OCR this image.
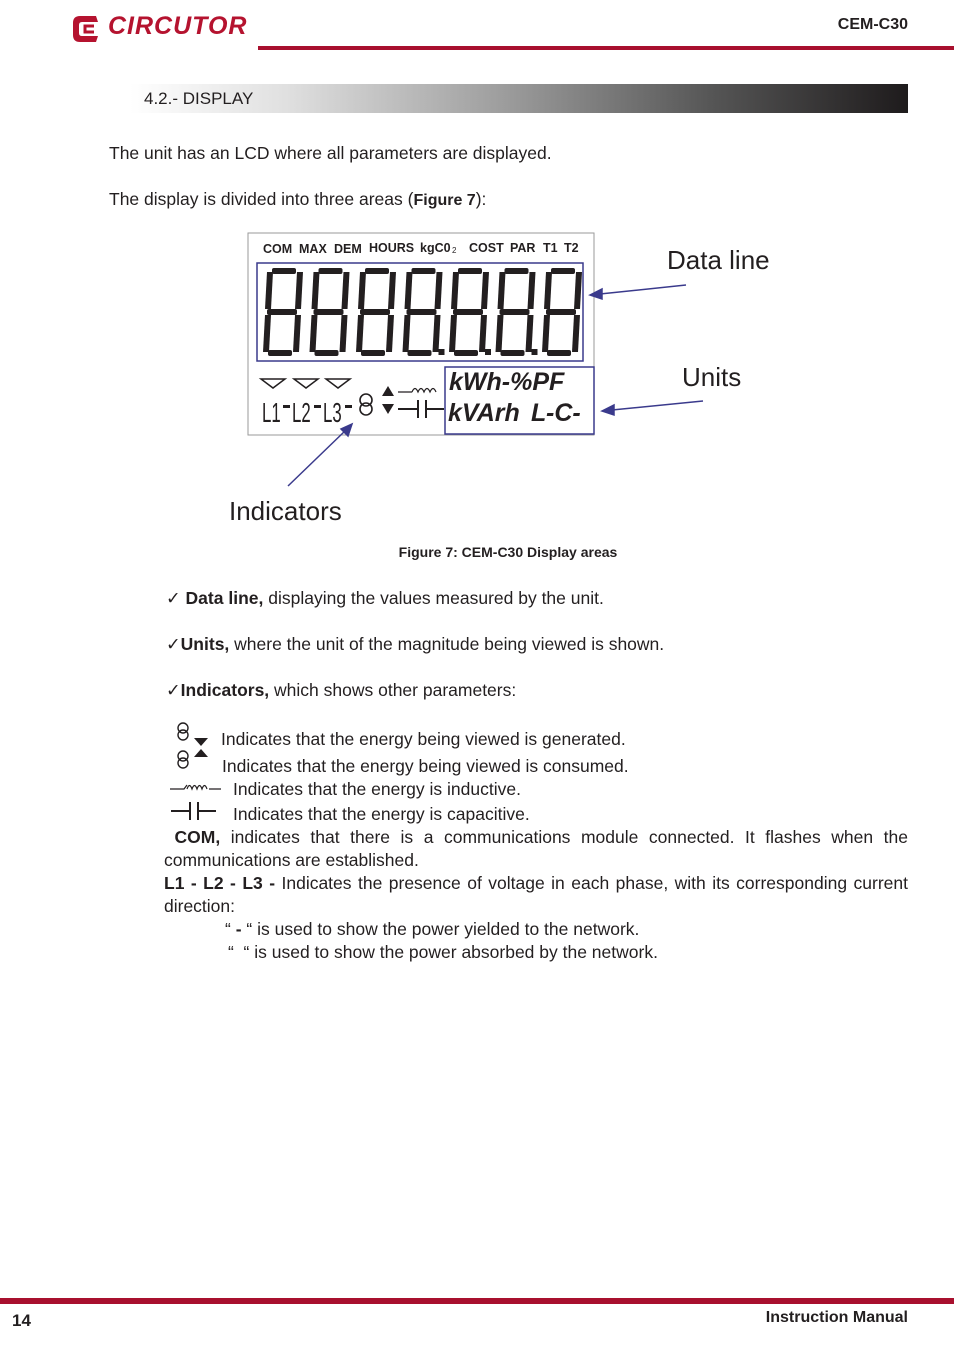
CIRCUTOR	CEM-C30
4.2.- DISPLAY
The unit has an LCD where all parameters are displayed.
The display is divided into three areas (Figure 7):
COM MAX DEM HOURS kgC0 2 COST PAR T1 T2
L1 L2 L3
kWh-%PF
kVArh L -C-
Data line
Units
Indicators
Figure 7: CEM-C30 Display areas
✓ Data line, displaying the values measured by the unit.
✓Units, where the unit of the magnitude being viewed is shown.
✓Indicators, which shows other parameters:
Indicates that the energy being viewed is generated.
Indicates that the energy being viewed is consumed.
Indicates that the energy is inductive.
Indicates that the energy is capacitive.
COM, indicates that there is a communications module connected. It flashes when the communications are established.
L1 - L2 - L3 - Indicates the presence of voltage in each phase, with its corresponding current direction:
“ - “ is used to show the power yielded to the network.
“  “ is used to show the power absorbed by the network.
14	Instruction Manual
